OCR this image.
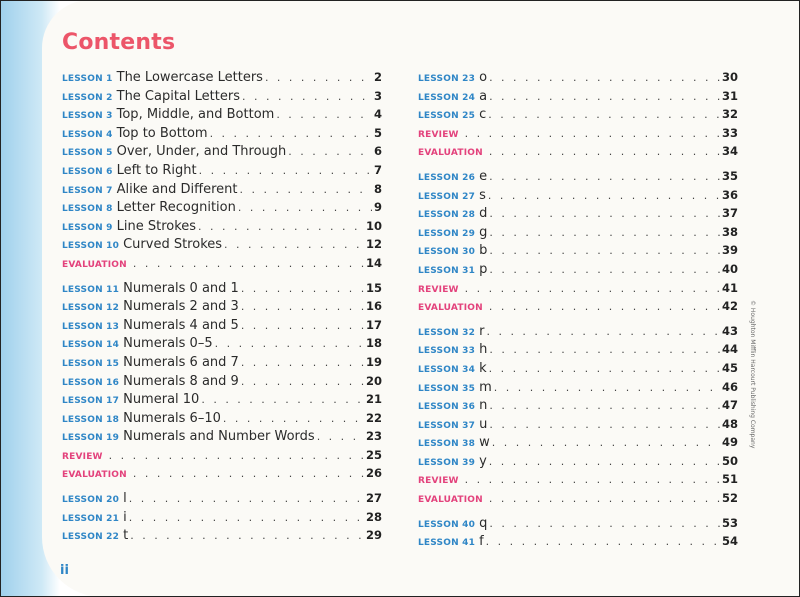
Contents
LESSON 1 The Lowercase Letters . . .	2
LESSON 2 The Capital Letters . . .	3
LESSON 3 Top, Middle, and Bottom . . .	4
LESSON 4 Top to Bottom . . .	5
LESSON 5 Over, Under, and Through . . .	6
LESSON 6 Left to Right . . .	7
LESSON 7 Alike and Different . . .	8
LESSON 8 Letter Recognition . . .	9
LESSON 9 Line Strokes . . .	10
LESSON 10 Curved Strokes . . .	12
EVALUATION . . .	14
LESSON 11 Numerals 0 and 1 . . .	15
LESSON 12 Numerals 2 and 3 . . .	16
LESSON 13 Numerals 4 and 5 . . .	17
LESSON 14 Numerals 0–5 . . .	18
LESSON 15 Numerals 6 and 7 . . .	19
LESSON 16 Numerals 8 and 9 . . .	20
LESSON 17 Numeral 10 . . .	21
LESSON 18 Numerals 6–10 . . .	22
LESSON 19 Numerals and Number Words . . .	23
REVIEW . . .	25
EVALUATION . . .	26
LESSON 20 l . . .	27
LESSON 21 i . . .	28
LESSON 22 t . . .	29
LESSON 23 o . . .	30
LESSON 24 a . . .	31
LESSON 25 c . . .	32
REVIEW . . .	33
EVALUATION . . .	34
LESSON 26 e . . .	35
LESSON 27 s . . .	36
LESSON 28 d . . .	37
LESSON 29 g . . .	38
LESSON 30 b . . .	39
LESSON 31 p . . .	40
REVIEW . . .	41
EVALUATION . . .	42
LESSON 32 r . . .	43
LESSON 33 h . . .	44
LESSON 34 k . . .	45
LESSON 35 m . . .	46
LESSON 36 n . . .	47
LESSON 37 u . . .	48
LESSON 38 w . . .	49
LESSON 39 y . . .	50
REVIEW . . .	51
EVALUATION . . .	52
LESSON 40 q . . .	53
LESSON 41 f . . .	54
© Houghton Mifflin Harcourt Publishing Company
ii
